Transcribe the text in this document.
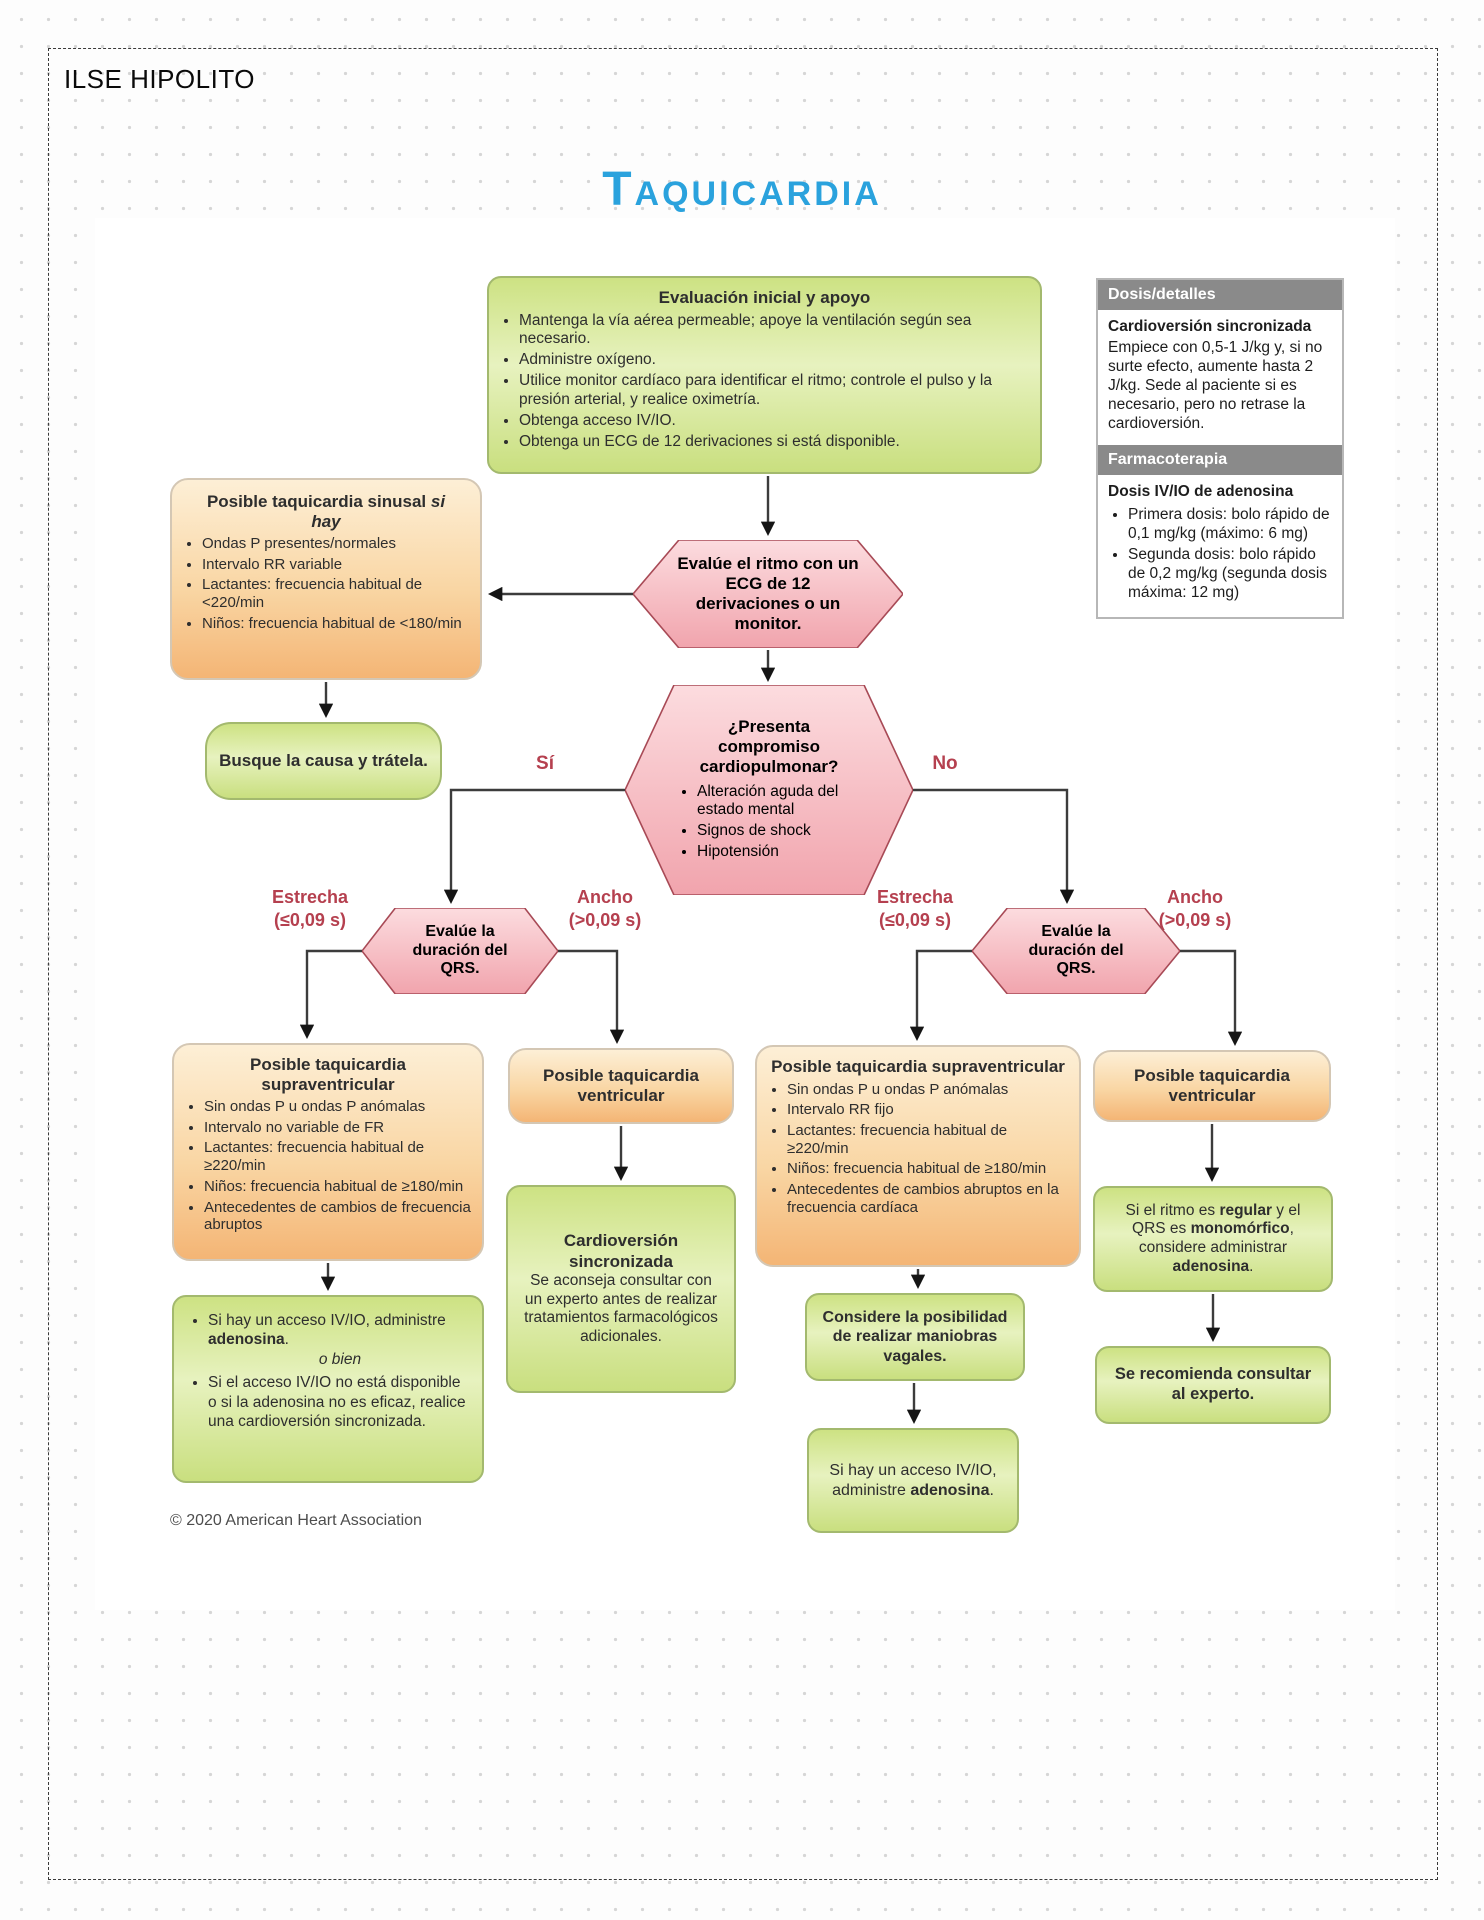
ILSE HIPOLITO
Taquicardia
Evaluación inicial y apoyo
• Mantenga la vía aérea permeable; apoye la ventilación según sea necesario.
• Administre oxígeno.
• Utilice monitor cardíaco para identificar el ritmo; controle el pulso y la presión arterial, y realice oximetría.
• Obtenga acceso IV/IO.
• Obtenga un ECG de 12 derivaciones si está disponible.
Dosis/detalles
Cardioversión sincronizada
Empiece con 0,5-1 J/kg y, si no surte efecto, aumente hasta 2 J/kg. Sede al paciente si es necesario, pero no retrase la cardioversión.
Farmacoterapia
Dosis IV/IO de adenosina
• Primera dosis: bolo rápido de 0,1 mg/kg (máximo: 6 mg)
• Segunda dosis: bolo rápido de 0,2 mg/kg (segunda dosis máxima: 12 mg)
Posible taquicardia sinusal si hay
• Ondas P presentes/normales
• Intervalo RR variable
• Lactantes: frecuencia habitual de <220/min
• Niños: frecuencia habitual de <180/min
Evalúe el ritmo con un ECG de 12 derivaciones o un monitor.
Busque la causa y trátela.
¿Presenta compromiso cardiopulmonar?
• Alteración aguda del estado mental
• Signos de shock
• Hipotensión
Sí	No
Estrecha
(≤0,09 s)
Ancho
(>0,09 s)
Estrecha
(≤0,09 s)
Ancho
(>0,09 s)
Evalúe la duración del QRS.
Evalúe la duración del QRS.
Posible taquicardia supraventricular
• Sin ondas P u ondas P anómalas
• Intervalo no variable de FR
• Lactantes: frecuencia habitual de ≥220/min
• Niños: frecuencia habitual de ≥180/min
• Antecedentes de cambios de frecuencia abruptos
Posible taquicardia ventricular
Posible taquicardia supraventricular
• Sin ondas P u ondas P anómalas
• Intervalo RR fijo
• Lactantes: frecuencia habitual de ≥220/min
• Niños: frecuencia habitual de ≥180/min
• Antecedentes de cambios abruptos en la frecuencia cardíaca
Posible taquicardia ventricular
• Si hay un acceso IV/IO, administre adenosina.
o bien
• Si el acceso IV/IO no está disponible o si la adenosina no es eficaz, realice una cardioversión sincronizada.
Cardioversión sincronizada
Se aconseja consultar con un experto antes de realizar tratamientos farmacológicos adicionales.
Considere la posibilidad de realizar maniobras vagales.
Si hay un acceso IV/IO, administre adenosina.
Si el ritmo es regular y el QRS es monomórfico, considere administrar adenosina.
Se recomienda consultar al experto.
© 2020 American Heart Association
